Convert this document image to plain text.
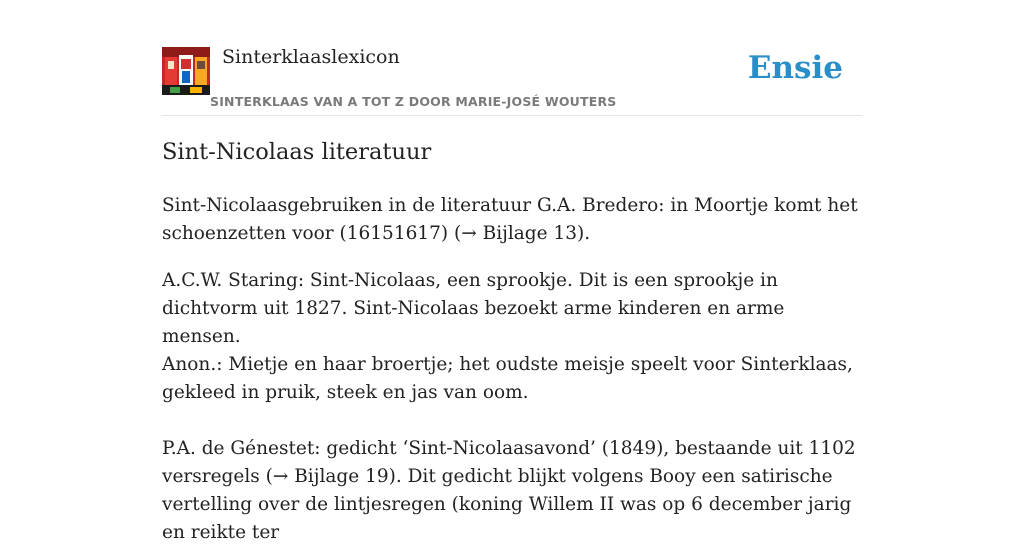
Sinterklaaslexicon
SINTERKLAAS VAN A TOT Z DOOR MARIE-JOSÉ WOUTERS
Ensie
Sint-Nicolaas literatuur

Sint-Nicolaasgebruiken in de literatuur G.A. Bredero: in Moortje komt het schoenzetten voor (16151617) (→ Bijlage 13).

A.C.W. Staring: Sint-Nicolaas, een sprookje. Dit is een sprookje in dichtvorm uit 1827. Sint-Nicolaas bezoekt arme kinderen en arme mensen.

Anon.: Mietje en haar broertje; het oudste meisje speelt voor Sinterklaas, gekleed in pruik, steek en jas van oom.

P.A. de Génestet: gedicht ‘Sint-Nicolaasavond’ (1849), bestaande uit 1102 versregels (→ Bijlage 19). Dit gedicht blijkt volgens Booy een satirische vertelling over de lintjesregen (koning Willem II was op 6 december jarig en reikte ter
